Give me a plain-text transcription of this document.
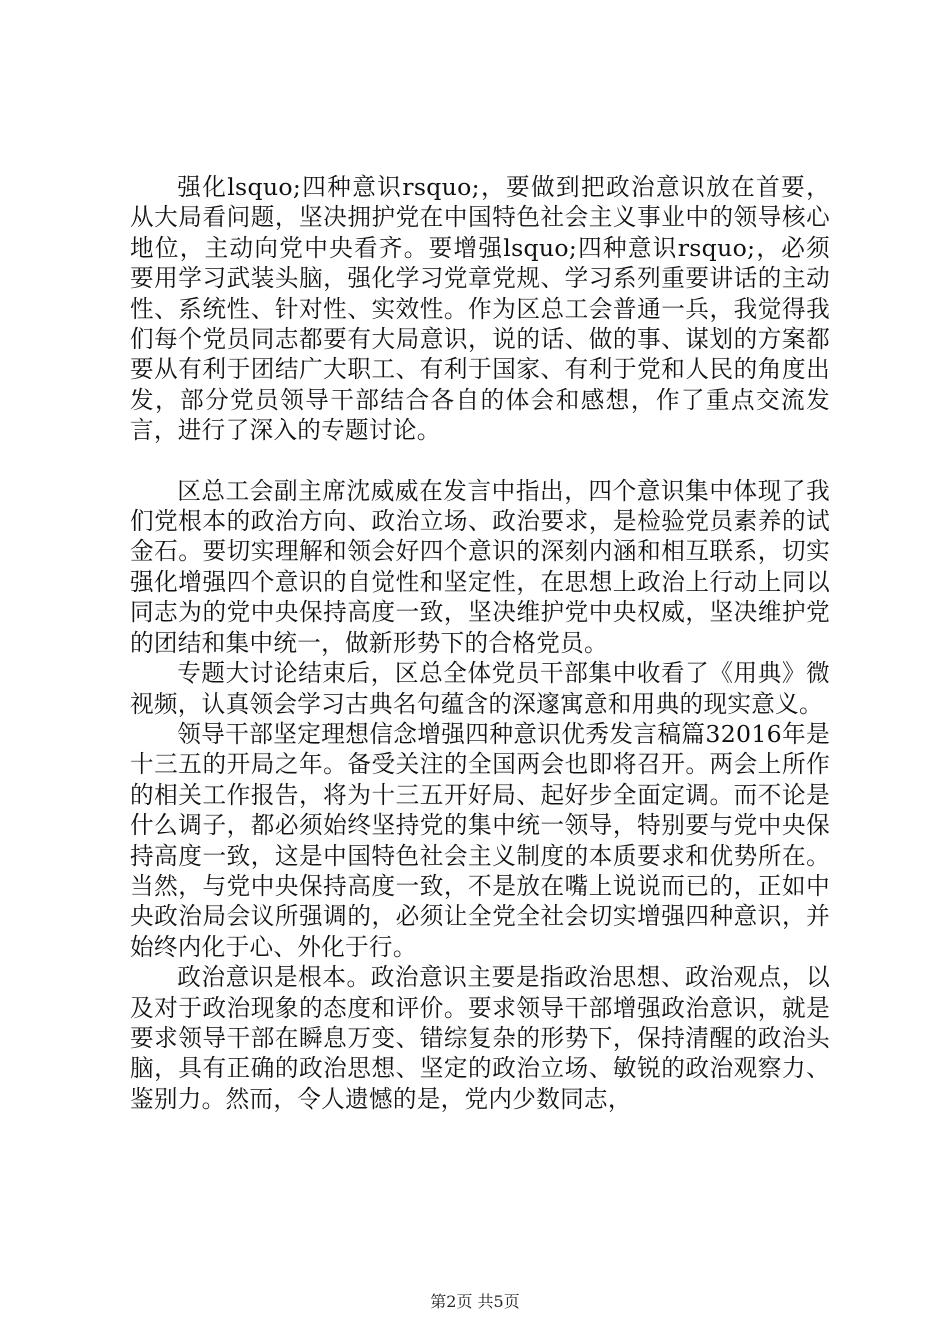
强化lsquo;四种意识rsquo;，要做到把政治意识放在首要，从大局看问题，坚决拥护党在中国特色社会主义事业中的领导核心地位，主动向党中央看齐。要增强lsquo;四种意识rsquo;，必须要用学习武装头脑，强化学习党章党规、学习系列重要讲话的主动性、系统性、针对性、实效性。作为区总工会普通一兵，我觉得我们每个党员同志都要有大局意识，说的话、做的事、谋划的方案都要从有利于团结广大职工、有利于国家、有利于党和人民的角度出发，部分党员领导干部结合各自的体会和感想，作了重点交流发言，进行了深入的专题讨论。

区总工会副主席沈威威在发言中指出，四个意识集中体现了我们党根本的政治方向、政治立场、政治要求，是检验党员素养的试金石。要切实理解和领会好四个意识的深刻内涵和相互联系，切实强化增强四个意识的自觉性和坚定性，在思想上政治上行动上同以同志为的党中央保持高度一致，坚决维护党中央权威，坚决维护党的团结和集中统一，做新形势下的合格党员。

专题大讨论结束后，区总全体党员干部集中收看了《用典》微视频，认真领会学习古典名句蕴含的深邃寓意和用典的现实意义。

领导干部坚定理想信念增强四种意识优秀发言稿篇32016年是十三五的开局之年。备受关注的全国两会也即将召开。两会上所作的相关工作报告，将为十三五开好局、起好步全面定调。而不论是什么调子，都必须始终坚持党的集中统一领导，特别要与党中央保持高度一致，这是中国特色社会主义制度的本质要求和优势所在。当然，与党中央保持高度一致，不是放在嘴上说说而已的，正如中央政治局会议所强调的，必须让全党全社会切实增强四种意识，并始终内化于心、外化于行。

政治意识是根本。政治意识主要是指政治思想、政治观点，以及对于政治现象的态度和评价。要求领导干部增强政治意识，就是要求领导干部在瞬息万变、错综复杂的形势下，保持清醒的政治头脑，具有正确的政治思想、坚定的政治立场、敏锐的政治观察力、鉴别力。然而，令人遗憾的是，党内少数同志，

第2页 共5页
